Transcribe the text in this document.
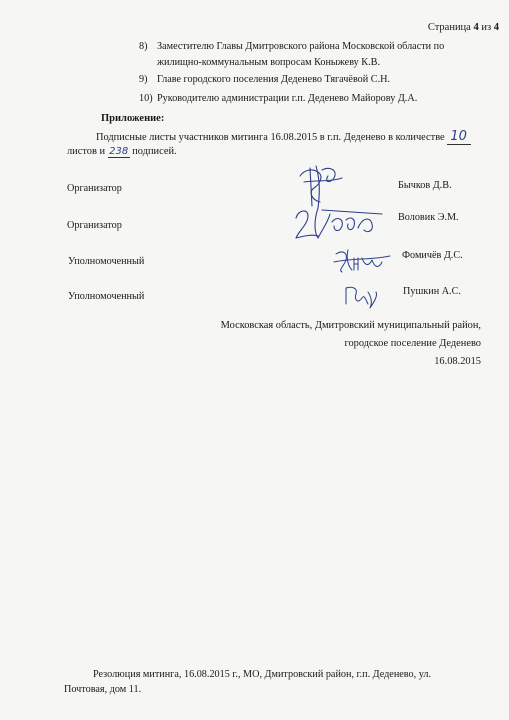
Страница 4 из 4
8) Заместителю Главы Дмитровского района Московской области по
жилищно-коммунальным вопросам Коныжеву К.В.
9) Главе городского поселения Деденево Тягачёвой С.Н.
10) Руководителю администрации г.п. Деденево Майорову Д.А.
Приложение:
Подписные листы участников митинга 16.08.2015 в г.п. Деденево в количестве 10
листов и 238 подписей.
Организатор	Бычков Д.В.
Организатор
Воловик Э.М.
Уполномоченный
Фомичёв Д.С.
Уполномоченный	Пушкин А.С.
Московская область, Дмитровский муниципальный район,
городское поселение Деденево
16.08.2015
Резолюция митинга, 16.08.2015 г., МО, Дмитровский район, г.п. Деденево, ул.
Почтовая, дом 11.
